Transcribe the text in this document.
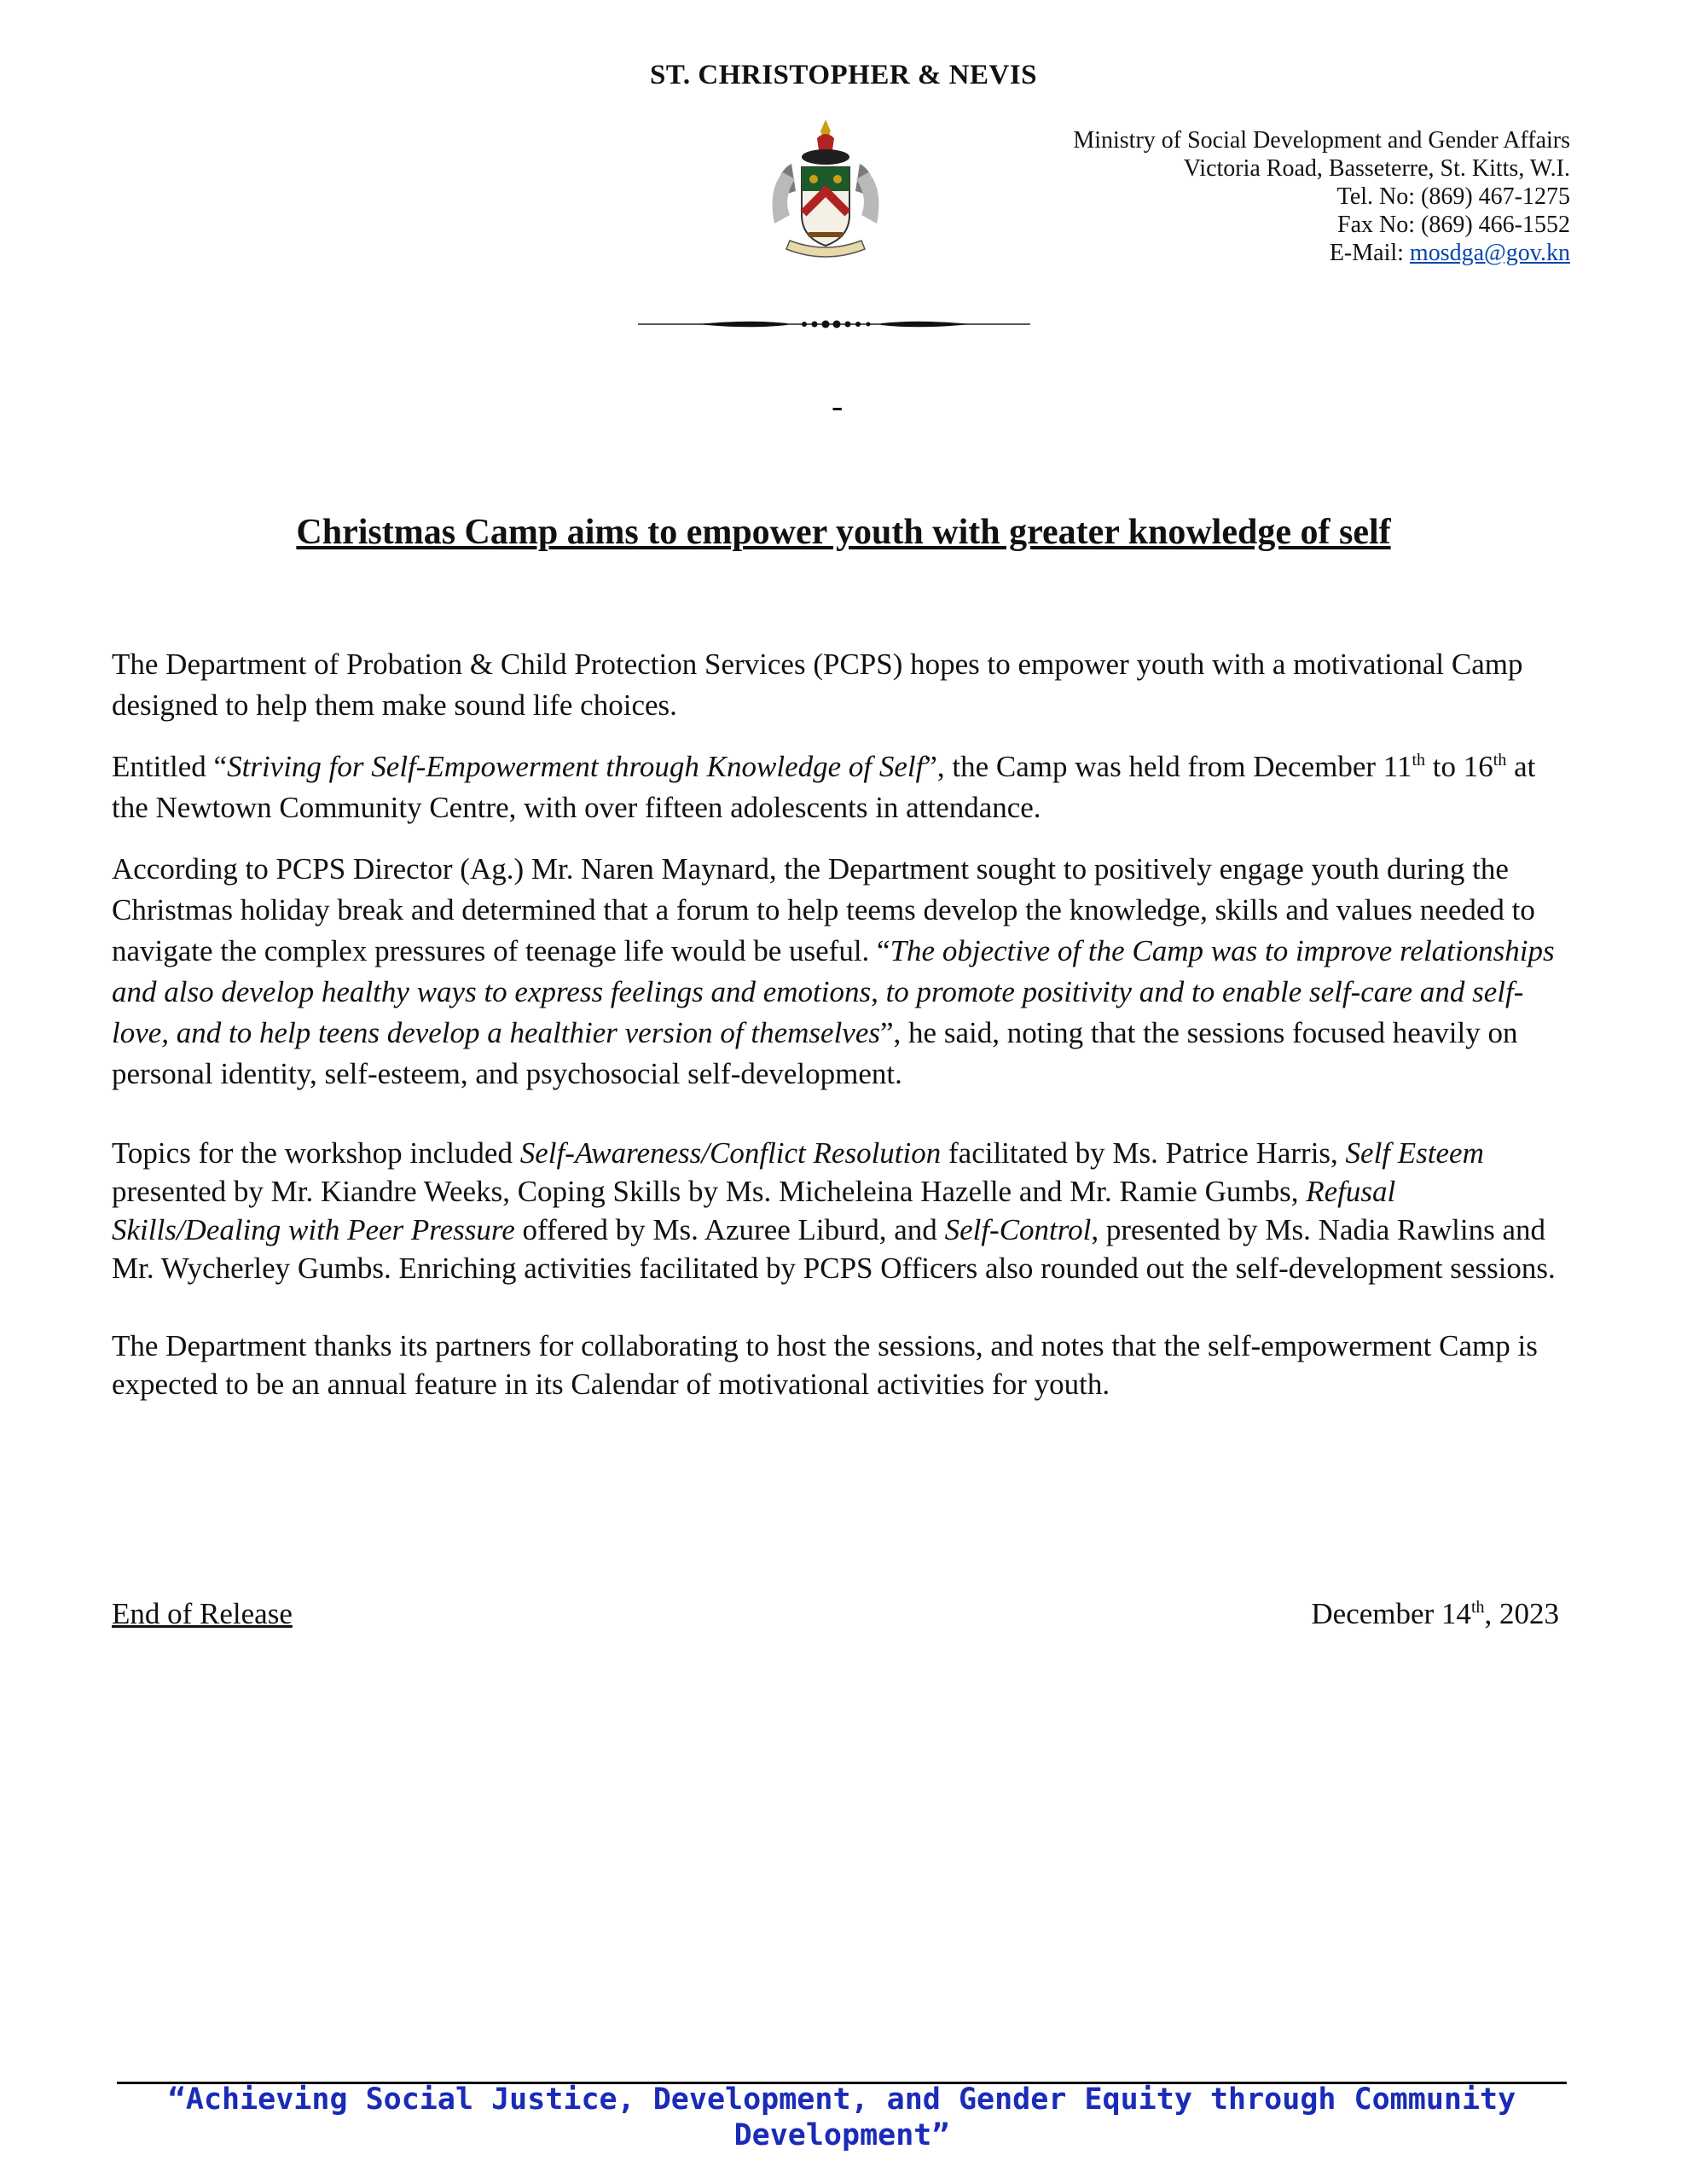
ST. CHRISTOPHER & NEVIS
Ministry of Social Development and Gender Affairs
Victoria Road, Basseterre, St. Kitts, W.I.
Tel. No: (869) 467-1275
Fax No: (869) 466-1552
E-Mail: mosdga@gov.kn
-
Christmas Camp aims to empower youth with greater knowledge of self

The Department of Probation & Child Protection Services (PCPS) hopes to empower youth with a motivational Camp designed to help them make sound life choices.

Entitled “Striving for Self-Empowerment through Knowledge of Self”, the Camp was held from December 11th to 16th at the Newtown Community Centre, with over fifteen adolescents in attendance.

According to PCPS Director (Ag.) Mr. Naren Maynard, the Department sought to positively engage youth during the Christmas holiday break and determined that a forum to help teems develop the knowledge, skills and values needed to navigate the complex pressures of teenage life would be useful. “The objective of the Camp was to improve relationships and also develop healthy ways to express feelings and emotions, to promote positivity and to enable self-care and self-love, and to help teens develop a healthier version of themselves”, he said, noting that the sessions focused heavily on personal identity, self-esteem, and psychosocial self-development.

Topics for the workshop included Self-Awareness/Conflict Resolution facilitated by Ms. Patrice Harris, Self Esteem presented by Mr. Kiandre Weeks, Coping Skills by Ms. Micheleina Hazelle and Mr. Ramie Gumbs, Refusal Skills/Dealing with Peer Pressure offered by Ms. Azuree Liburd, and Self-Control, presented by Ms. Nadia Rawlins and Mr. Wycherley Gumbs. Enriching activities facilitated by PCPS Officers also rounded out the self-development sessions.

The Department thanks its partners for collaborating to host the sessions, and notes that the self-empowerment Camp is expected to be an annual feature in its Calendar of motivational activities for youth.

End of Release	December 14th, 2023
“Achieving Social Justice, Development, and Gender Equity through Community Development”
